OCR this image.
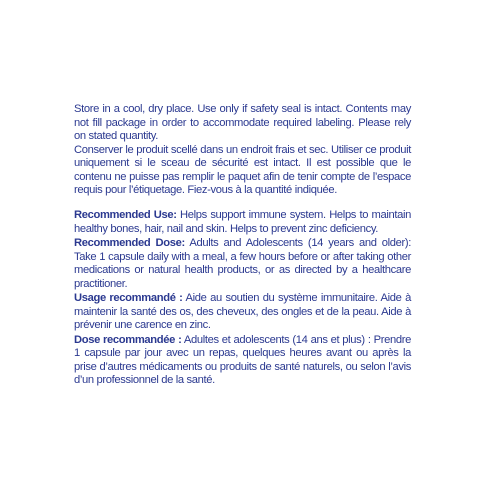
Store in a cool, dry place. Use only if safety seal is intact. Contents may not fill package in order to accommodate required labeling. Please rely on stated quantity.

Conserver le produit scellé dans un endroit frais et sec. Utiliser ce produit uniquement si le sceau de sécurité est intact. Il est possible que le contenu ne puisse pas remplir le paquet afin de tenir compte de l’espace requis pour l’étiquetage. Fiez-vous à la quantité indiquée.

Recommended Use: Helps support immune system. Helps to maintain healthy bones, hair, nail and skin. Helps to prevent zinc deficiency.

Recommended Dose: Adults and Adolescents (14 years and older): Take 1 capsule daily with a meal, a few hours before or after taking other medications or natural health products, or as directed by a healthcare practitioner.

Usage recommandé : Aide au soutien du système immunitaire. Aide à maintenir la santé des os, des cheveux, des ongles et de la peau. Aide à prévenir une carence en zinc.

Dose recommandée : Adultes et adolescents (14 ans et plus) : Prendre 1 capsule par jour avec un repas, quelques heures avant ou après la prise d’autres médicaments ou produits de santé naturels, ou selon l’avis d’un professionnel de la santé.
